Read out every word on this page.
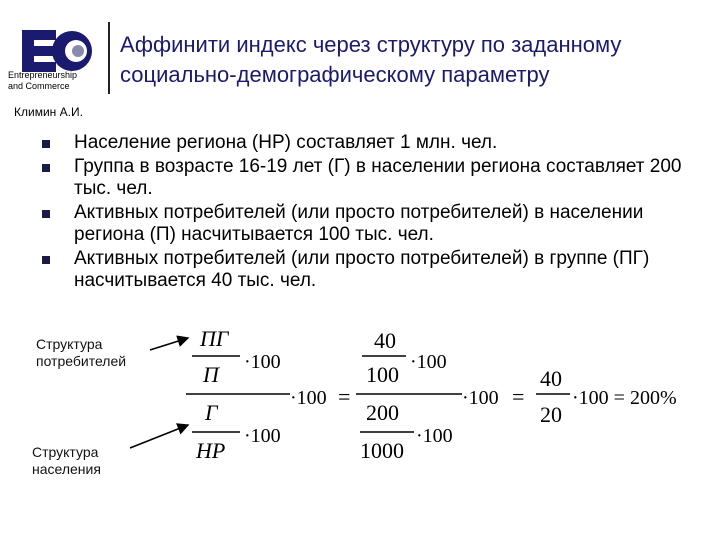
Entrepreneurship
and Commerce
Аффинити индекс через структуру по заданному социально-демографическому параметру
Климин А.И.
Население региона (НР) составляет 1 млн. чел.
Группа в возрасте 16-19 лет (Г) в населении региона составляет 200 тыс. чел.
Активных потребителей (или просто потребителей) в населении региона (П) насчитывается 100 тыс. чел.
Активных потребителей (или просто потребителей) в группе (ПГ) насчитывается 40 тыс. чел.
Структура
потребителей
Структура
населения
ПГ
П ·100
Г
НР
·100
·100 =
40
100 ·100
200
1000
·100
·100 =
40
20
·100 = 200%
